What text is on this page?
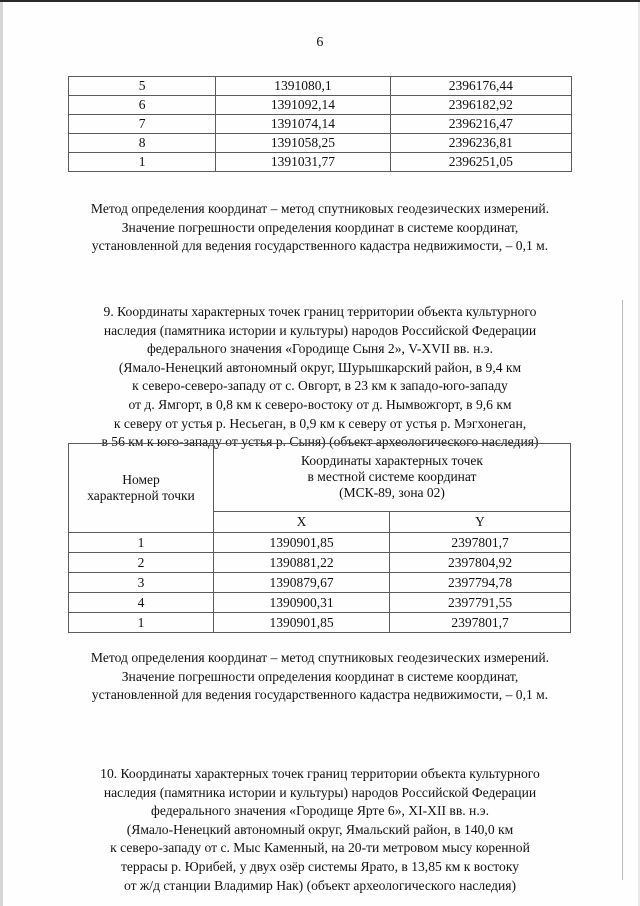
6
5	1391080,1	2396176,44
6	1391092,14	2396182,92
7	1391074,14	2396216,47
8	1391058,25	2396236,81
1	1391031,77	2396251,05
Метод определения координат – метод спутниковых геодезических измерений.
Значение погрешности определения координат в системе координат,
установленной для ведения государственного кадастра недвижимости, – 0,1 м.
9. Координаты характерных точек границ территории объекта культурного
наследия (памятника истории и культуры) народов Российской Федерации
федерального значения «Городище Сыня 2», V-XVII вв. н.э.
(Ямало-Ненецкий автономный округ, Шурышкарский район, в 9,4 км
к северо-северо-западу от с. Овгорт, в 23 км к западо-юго-западу
от д. Ямгорт, в 0,8 км к северо-востоку от д. Нымвожгорт, в 9,6 км
к северу от устья р. Несьеган, в 0,9 км к северу от устья р. Мэгхонеган,
в 56 км к юго-западу от устья р. Сыня) (объект археологического наследия)
Номер
характерной точки	Координаты характерных точек
в местной системе координат
(МСК-89, зона 02)	

	X	Y
1	1390901,85	2397801,7
2	1390881,22	2397804,92
3	1390879,67	2397794,78
4	1390900,31	2397791,55
1	1390901,85	2397801,7
Метод определения координат – метод спутниковых геодезических измерений.
Значение погрешности определения координат в системе координат,
установленной для ведения государственного кадастра недвижимости, – 0,1 м.
10. Координаты характерных точек границ территории объекта культурного
наследия (памятника истории и культуры) народов Российской Федерации
федерального значения «Городище Ярте 6», XI-XII вв. н.э.
(Ямало-Ненецкий автономный округ, Ямальский район, в 140,0 км
к северо-западу от с. Мыс Каменный, на 20-ти метровом мысу коренной
террасы р. Юрибей, у двух озёр системы Ярато, в 13,85 км к востоку
от ж/д станции Владимир Нак) (объект археологического наследия)
